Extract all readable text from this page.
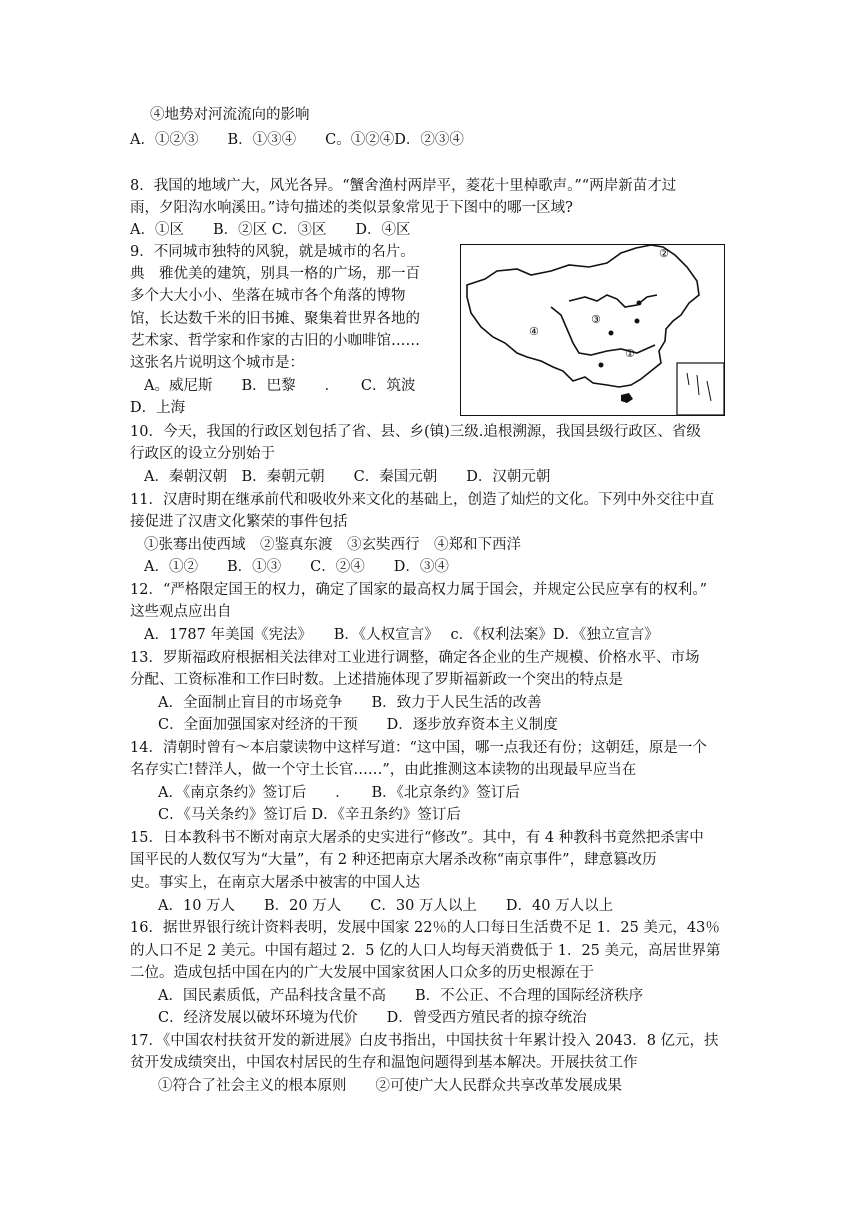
④地势对河流流向的影响
A．①②③　　B．①③④　　C。①②④D．②③④
8．我国的地域广大，风光各异。“蟹舍渔村两岸平，菱花十里棹歌声。”“两岸新苗才过
雨，夕阳沟水响溪田。”诗句描述的类似景象常见于下图中的哪一区域?
A．①区　　B．②区 C．③区　　D．④区
9．不同城市独特的风貌，就是城市的名片。
典　雅优美的建筑，别具一格的广场，那一百
多个大大小小、坐落在城市各个角落的博物
馆，长达数千米的旧书摊、聚集着世界各地的
艺术家、哲学家和作家的古旧的小咖啡馆……
这张名片说明这个城市是：
A。威尼斯　　B．巴黎　　．　　C．筑波
D．上海
10．今天，我国的行政区划包括了省、县、乡(镇)三级.追根溯源，我国县级行政区、省级
行政区的设立分别始于
A．秦朝汉朝　B．秦朝元朝　　C．秦国元朝　　D．汉朝元朝
11．汉唐时期在继承前代和吸收外来文化的基础上，创造了灿烂的文化。下列中外交往中直
接促进了汉唐文化繁荣的事件包括
①张骞出使西域　②鉴真东渡　③玄奘西行　④郑和下西洋
A．①②　　B．①③　　C．②④　　D．③④
12．“严格限定国王的权力，确定了国家的最高权力属于国会，并规定公民应享有的权利。”
这些观点应出自
A．1787 年美国《宪法》　　B．《人权宣言》　 c．《权利法案》D．《独立宣言》
13．罗斯福政府根据相关法律对工业进行调整，确定各企业的生产规模、价格水平、市场
分配、工资标准和工作曰时数。上述措施体现了罗斯福新政一个突出的特点是
A．全面制止盲目的市场竞争　　B．致力于人民生活的改善
C．全面加强国家对经济的干预　　D．逐步放弃资本主义制度
14．清朝时曾有～本启蒙读物中这样写道：“这中国，哪一点我还有份；这朝廷，原是一个
名存实亡!替洋人，做一个守土长官……”，由此推测这本读物的出现最早应当在
A．《南京条约》签订后　　．　　B．《北京条约》签订后
C．《马关条约》签订后 D．《辛丑条约》签订后
15．日本教科书不断对南京大屠杀的史实进行“修改”。其中，有 4 种教科书竟然把杀害中
国平民的人数仅写为“大量”，有 2 种还把南京大屠杀改称“南京事件”，肆意篡改历
史。事实上，在南京大屠杀中被害的中国人达
A．10 万人　　B．20 万人　　C．30 万人以上　　D．40 万人以上
16．据世界银行统计资料表明，发展中国家 22％的人口每日生活费不足 1．25 美元，43％
的人口不足 2 美元。中国有超过 2．5 亿的人口人均每天消费低于 1．25 美元，高居世界第
二位。造成包括中国在内的广大发展中国家贫困人口众多的历史根源在于
A．国民素质低，产品科技含量不高　　B．不公正、不合理的国际经济秩序
C．经济发展以破坏环境为代价　　D．曾受西方殖民者的掠夺统治
17．《中国农村扶贫开发的新进展》白皮书指出，中国扶贫十年累计投入 2043．8 亿元，扶
贫开发成绩突出，中国农村居民的生存和温饱问题得到基本解决。开展扶贫工作
①符合了社会主义的根本原则　　②可使广大人民群众共享改革发展成果
②
③
④
①
